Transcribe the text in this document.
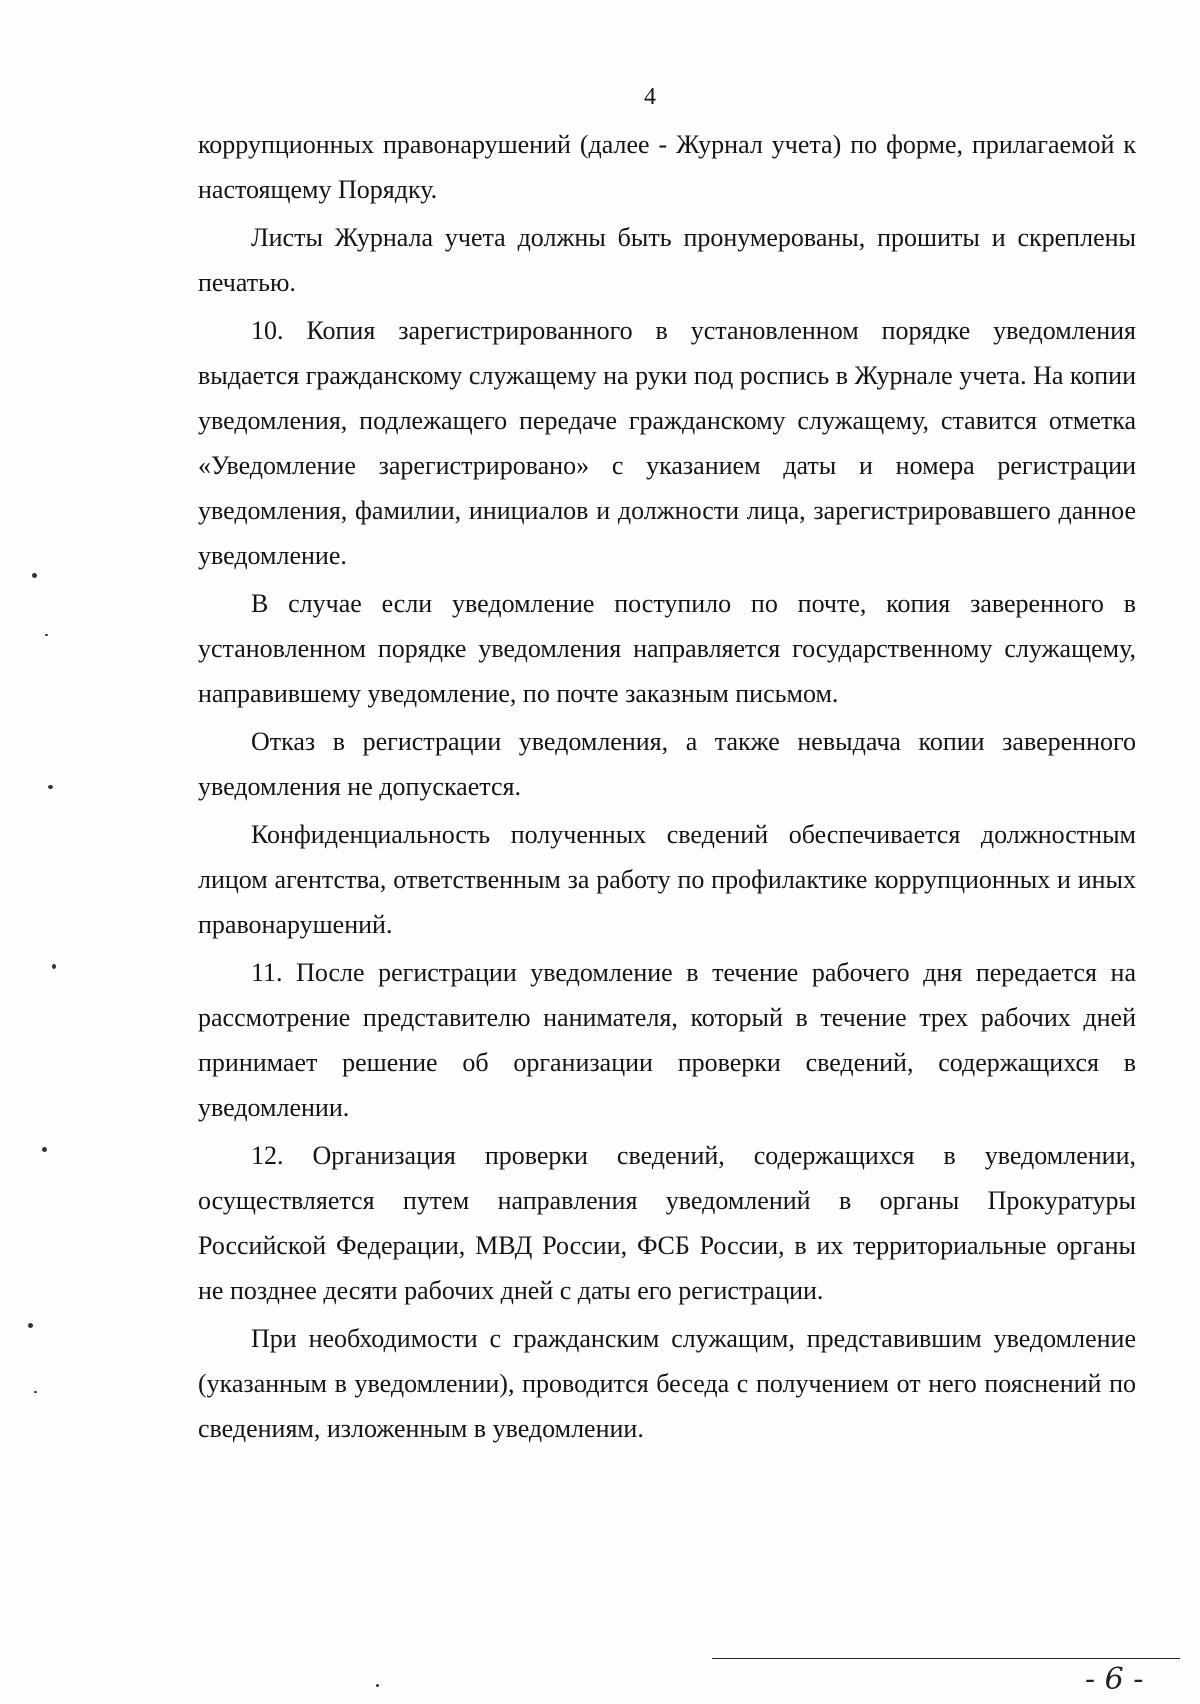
4

коррупционных правонарушений (далее - Журнал учета) по форме, прилагаемой к настоящему Порядку.

Листы Журнала учета должны быть пронумерованы, прошиты и скреплены печатью.

10. Копия зарегистрированного в установленном порядке уведомления выдается гражданскому служащему на руки под роспись в Журнале учета. На копии уведомления, подлежащего передаче гражданскому служащему, ставится отметка «Уведомление зарегистрировано» с указанием даты и номера регистрации уведомления, фамилии, инициалов и должности лица, зарегистрировавшего данное уведомление.

В случае если уведомление поступило по почте, копия заверенного в установленном порядке уведомления направляется государственному служащему, направившему уведомление, по почте заказным письмом.

Отказ в регистрации уведомления, а также невыдача копии заверенного уведомления не допускается.

Конфиденциальность полученных сведений обеспечивается должностным лицом агентства, ответственным за работу по профилактике коррупционных и иных правонарушений.

11. После регистрации уведомление в течение рабочего дня передается на рассмотрение представителю нанимателя, который в течение трех рабочих дней принимает решение об организации проверки сведений, содержащихся в уведомлении.

12. Организация проверки сведений, содержащихся в уведомлении, осуществляется путем направления уведомлений в органы Прокуратуры Российской Федерации, МВД России, ФСБ России, в их территориальные органы не позднее десяти рабочих дней с даты его регистрации.

При необходимости с гражданским служащим, представившим уведомление (указанным в уведомлении), проводится беседа с получением от него пояснений по сведениям, изложенным в уведомлении.

- 6 -
